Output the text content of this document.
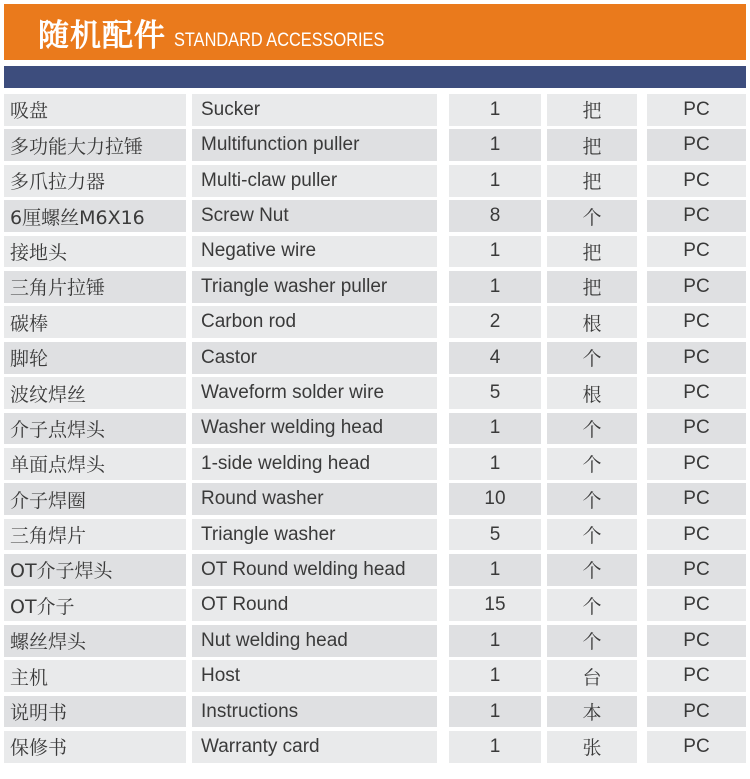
随机配件 STANDARD ACCESSORIES
吸盘	Sucker	1	把	PC
多功能大力拉锤	Multifunction puller	1	把	PC
多爪拉力器	Multi-claw puller	1	把	PC
6厘螺丝M6X16	Screw Nut	8	个	PC
接地头	Negative wire	1	把	PC
三角片拉锤	Triangle washer puller	1	把	PC
碳棒	Carbon rod	2	根	PC
脚轮	Castor	4	个	PC
波纹焊丝	Waveform solder wire	5	根	PC
介子点焊头	Washer welding head	1	个	PC
单面点焊头	1-side welding head	1	个	PC
介子焊圈	Round washer	10	个	PC
三角焊片	Triangle washer	5	个	PC
OT介子焊头	OT Round welding head	1	个	PC
OT介子	OT Round	15	个	PC
螺丝焊头	Nut welding head	1	个	PC
主机	Host	1	台	PC
说明书	Instructions	1	本	PC
保修书	Warranty card	1	张	PC
